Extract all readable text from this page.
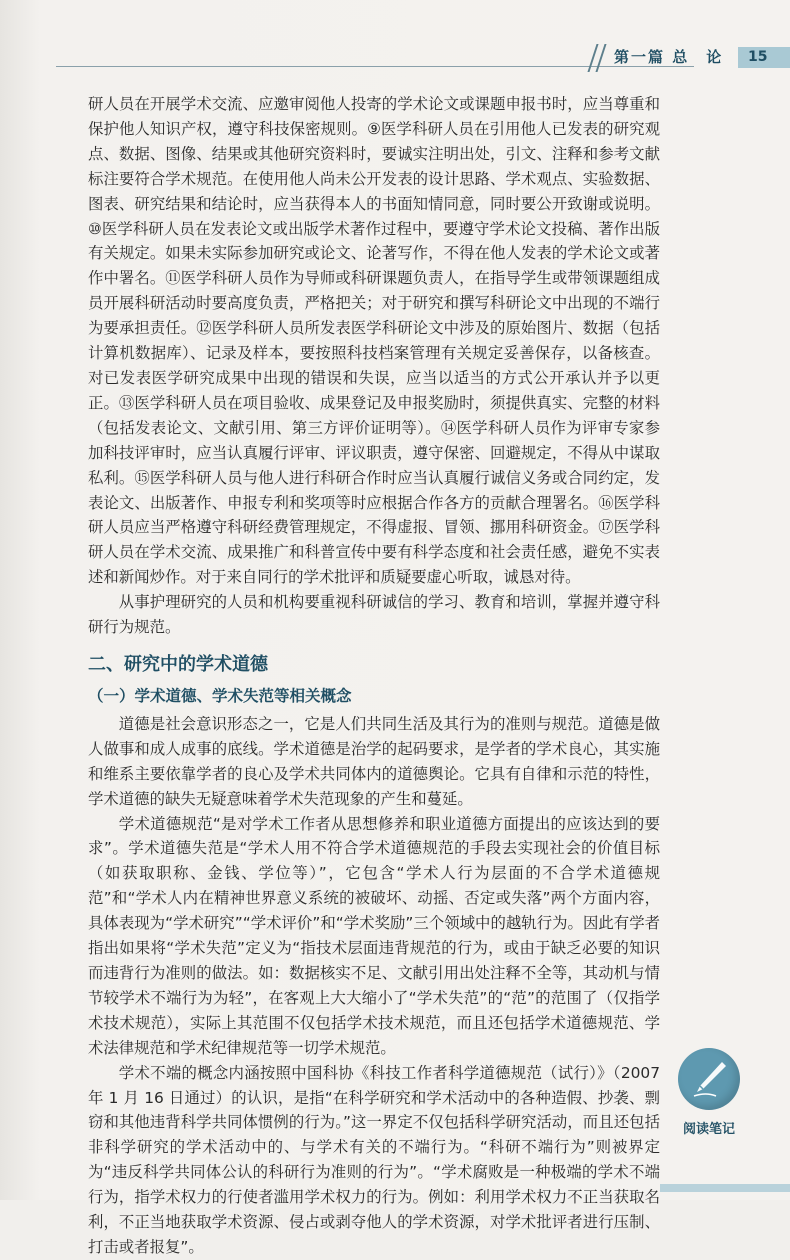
第一篇 总　论	15

研人员在开展学术交流、应邀审阅他人投寄的学术论文或课题申报书时，应当尊重和保护他人知识产权，遵守科技保密规则。⑨医学科研人员在引用他人已发表的研究观点、数据、图像、结果或其他研究资料时，要诚实注明出处，引文、注释和参考文献标注要符合学术规范。在使用他人尚未公开发表的设计思路、学术观点、实验数据、图表、研究结果和结论时，应当获得本人的书面知情同意，同时要公开致谢或说明。⑩医学科研人员在发表论文或出版学术著作过程中，要遵守学术论文投稿、著作出版有关规定。如果未实际参加研究或论文、论著写作，不得在他人发表的学术论文或著作中署名。⑪医学科研人员作为导师或科研课题负责人，在指导学生或带领课题组成员开展科研活动时要高度负责，严格把关；对于研究和撰写科研论文中出现的不端行为要承担责任。⑫医学科研人员所发表医学科研论文中涉及的原始图片、数据（包括计算机数据库）、记录及样本，要按照科技档案管理有关规定妥善保存，以备核查。对已发表医学研究成果中出现的错误和失误，应当以适当的方式公开承认并予以更正。⑬医学科研人员在项目验收、成果登记及申报奖励时，须提供真实、完整的材料（包括发表论文、文献引用、第三方评价证明等）。⑭医学科研人员作为评审专家参加科技评审时，应当认真履行评审、评议职责，遵守保密、回避规定，不得从中谋取私利。⑮医学科研人员与他人进行科研合作时应当认真履行诚信义务或合同约定，发表论文、出版著作、申报专利和奖项等时应根据合作各方的贡献合理署名。⑯医学科研人员应当严格遵守科研经费管理规定，不得虚报、冒领、挪用科研资金。⑰医学科研人员在学术交流、成果推广和科普宣传中要有科学态度和社会责任感，避免不实表述和新闻炒作。对于来自同行的学术批评和质疑要虚心听取，诚恳对待。

从事护理研究的人员和机构要重视科研诚信的学习、教育和培训，掌握并遵守科研行为规范。

二、研究中的学术道德
（一）学术道德、学术失范等相关概念

道德是社会意识形态之一，它是人们共同生活及其行为的准则与规范。道德是做人做事和成人成事的底线。学术道德是治学的起码要求，是学者的学术良心，其实施和维系主要依靠学者的良心及学术共同体内的道德舆论。它具有自律和示范的特性，学术道德的缺失无疑意味着学术失范现象的产生和蔓延。

学术道德规范“是对学术工作者从思想修养和职业道德方面提出的应该达到的要求”。学术道德失范是“学术人用不符合学术道德规范的手段去实现社会的价值目标（如获取职称、金钱、学位等）”，它包含“学术人行为层面的不合学术道德规范”和“学术人内在精神世界意义系统的被破坏、动摇、否定或失落”两个方面内容，具体表现为“学术研究”“学术评价”和“学术奖励”三个领域中的越轨行为。因此有学者指出如果将“学术失范”定义为“指技术层面违背规范的行为，或由于缺乏必要的知识而违背行为准则的做法。如：数据核实不足、文献引用出处注释不全等，其动机与情节较学术不端行为为轻”，在客观上大大缩小了“学术失范”的“范”的范围了（仅指学术技术规范），实际上其范围不仅包括学术技术规范，而且还包括学术道德规范、学术法律规范和学术纪律规范等一切学术规范。

学术不端的概念内涵按照中国科协《科技工作者科学道德规范（试行）》（2007 年 1 月 16 日通过）的认识，是指“在科学研究和学术活动中的各种造假、抄袭、剽窃和其他违背科学共同体惯例的行为。”这一界定不仅包括科学研究活动，而且还包括非科学研究的学术活动中的、与学术有关的不端行为。“科研不端行为”则被界定为“违反科学共同体公认的科研行为准则的行为”。“学术腐败是一种极端的学术不端行为，指学术权力的行使者滥用学术权力的行为。例如：利用学术权力不正当获取名利，不正当地获取学术资源、侵占或剥夺他人的学术资源，对学术批评者进行压制、打击或者报复”。

阅读笔记
